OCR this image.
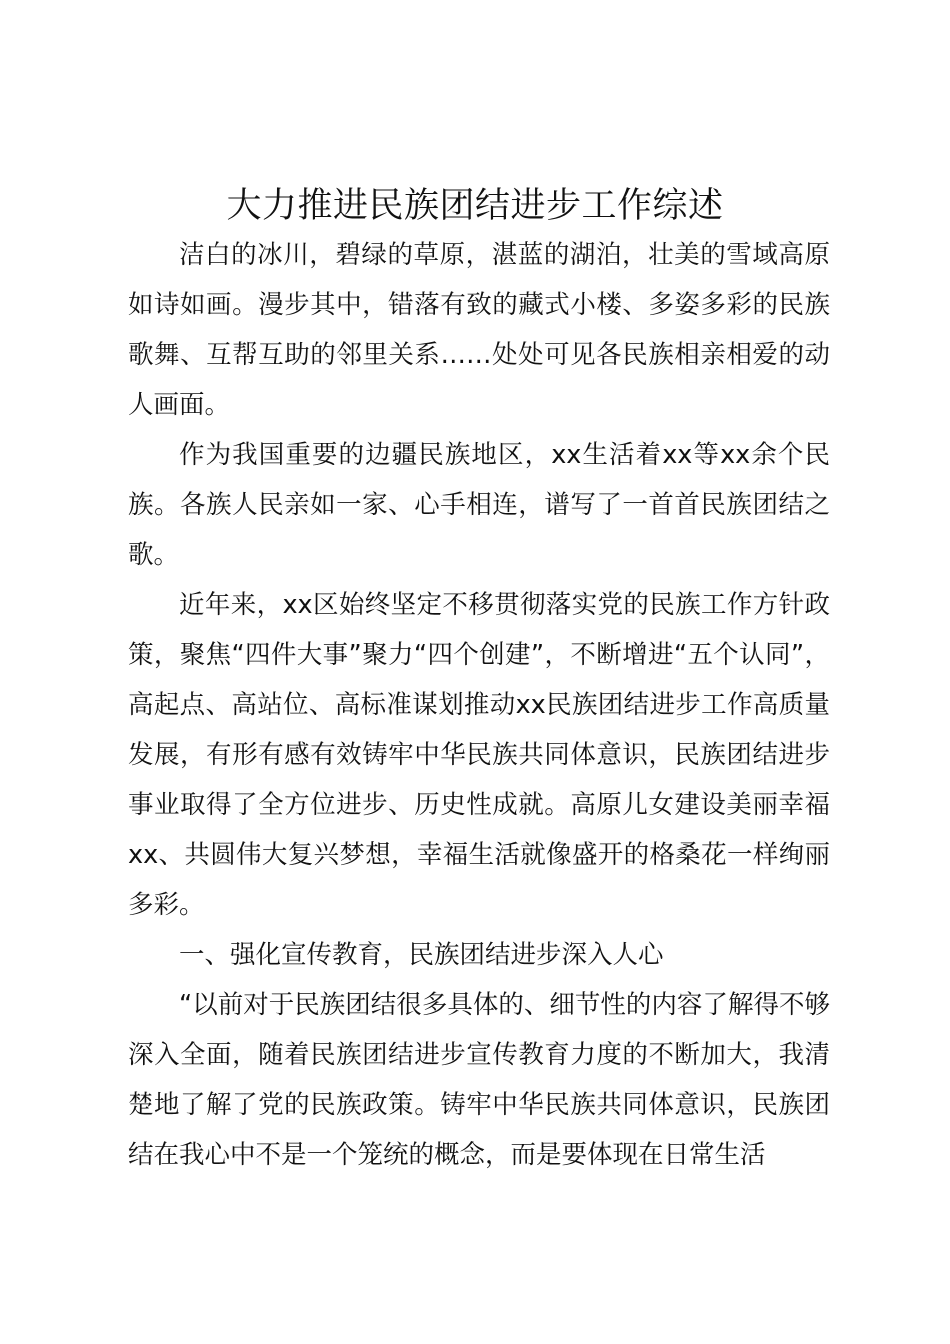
大力推进民族团结进步工作综述

洁白的冰川，碧绿的草原，湛蓝的湖泊，壮美的雪域高原如诗如画。漫步其中，错落有致的藏式小楼、多姿多彩的民族歌舞、互帮互助的邻里关系……处处可见各民族相亲相爱的动人画面。

作为我国重要的边疆民族地区，xx生活着xx等xx余个民族。各族人民亲如一家、心手相连，谱写了一首首民族团结之歌。

近年来，xx区始终坚定不移贯彻落实党的民族工作方针政策，聚焦“四件大事”聚力“四个创建”，不断增进“五个认同”，高起点、高站位、高标准谋划推动xx民族团结进步工作高质量发展，有形有感有效铸牢中华民族共同体意识，民族团结进步事业取得了全方位进步、历史性成就。高原儿女建设美丽幸福xx、共圆伟大复兴梦想，幸福生活就像盛开的格桑花一样绚丽多彩。

一、强化宣传教育，民族团结进步深入人心

“以前对于民族团结很多具体的、细节性的内容了解得不够深入全面，随着民族团结进步宣传教育力度的不断加大，我清楚地了解了党的民族政策。铸牢中华民族共同体意识，民族团结在我心中不是一个笼统的概念，而是要体现在日常生活
